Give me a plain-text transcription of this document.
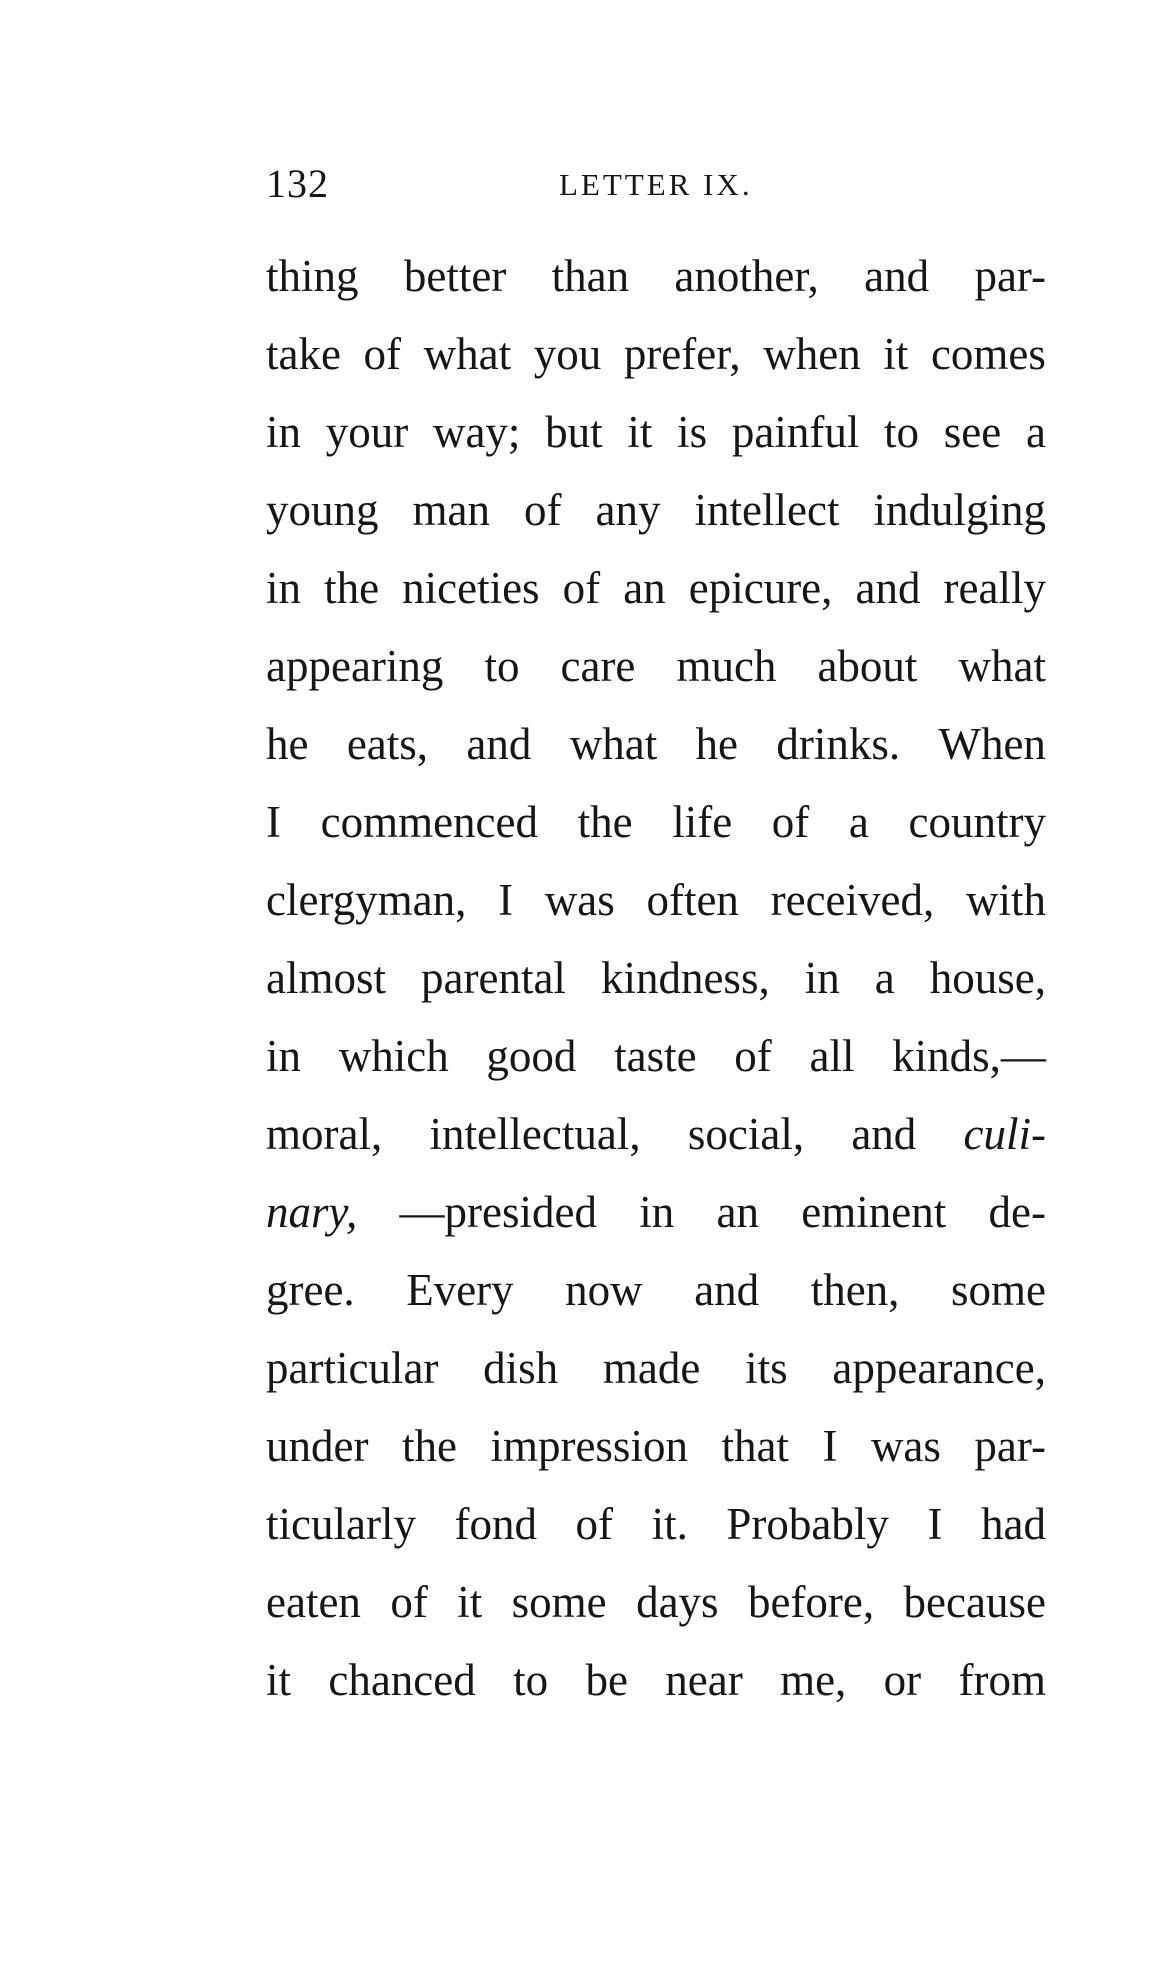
132	LETTER IX.
thing better than another, and par-
take of what you prefer, when it comes
in your way; but it is painful to see a
young man of any intellect indulging
in the niceties of an epicure, and really
appearing to care much about what
he eats, and what he drinks. When
I commenced the life of a country
clergyman, I was often received, with
almost parental kindness, in a house,
in which good taste of all kinds,—
moral, intellectual, social, and culi-
nary, —presided in an eminent de-
gree. Every now and then, some
particular dish made its appearance,
under the impression that I was par-
ticularly fond of it. Probably I had
eaten of it some days before, because
it chanced to be near me, or from
